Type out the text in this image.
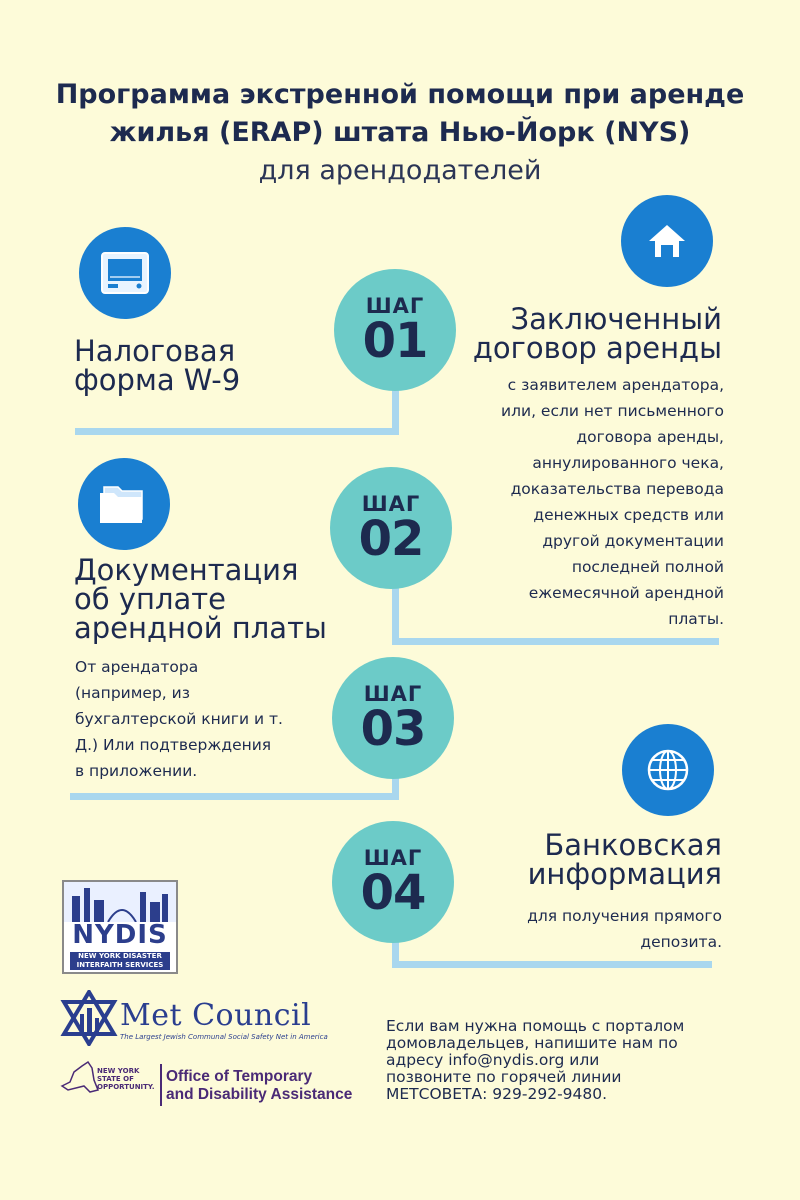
Программа экстренной помощи при аренде
жилья (ERAP) штата Нью-Йорк (NYS)
для арендодателей
ШАГ
01
ШАГ
02
ШАГ
03
ШАГ
04
Налоговая
форма W-9
Заключенный
договор аренды
с заявителем арендатора,
или, если нет письменного
договора аренды,
аннулированного чека,
доказательства перевода
денежных средств или
другой документации
последней полной
ежемесячной арендной
платы.
Документация
об уплате
арендной платы
От арендатора
(например, из
бухгалтерской книги и т.
Д.) Или подтверждения
в приложении.
Банковская
информация
для получения прямого
депозита.
NYDIS
NEW YORK DISASTER INTERFAITH SERVICES
Met Council
The Largest Jewish Communal Social Safety Net in America
NEW YORK STATE OF OPPORTUNITY.
Office of Temporary
and Disability Assistance
Если вам нужна помощь с порталом
домовладельцев, напишите нам по
адресу info@nydis.org или
позвоните по горячей линии
МЕТСОВЕТА: 929-292-9480.
